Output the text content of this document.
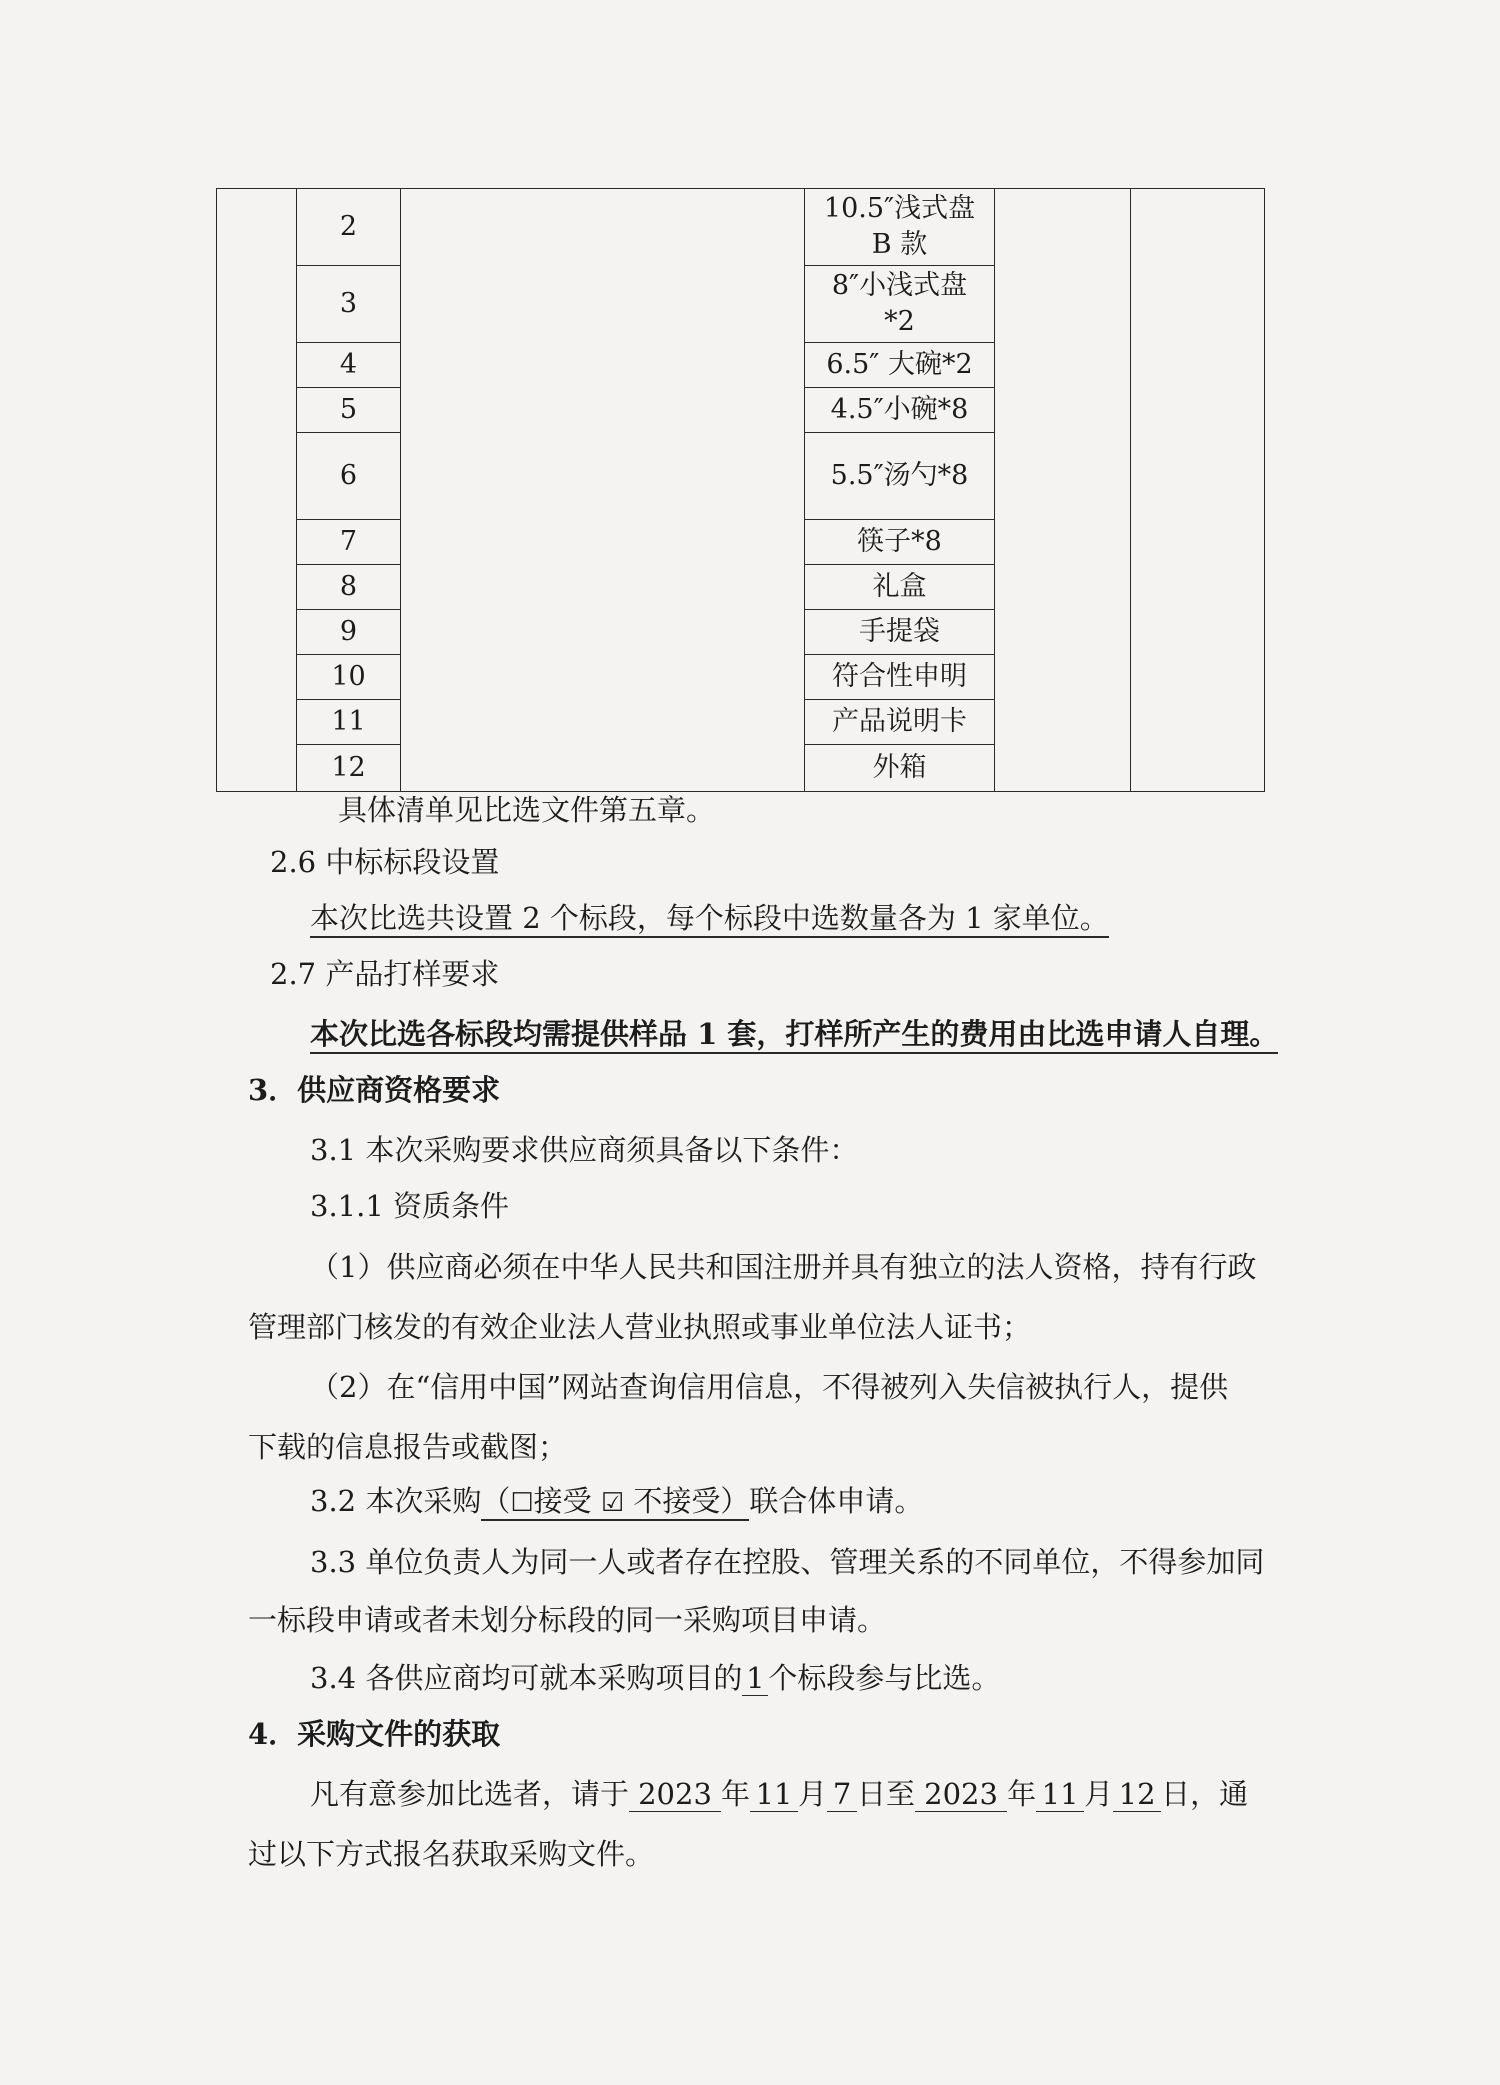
	2		10.5″浅式盘
B 款		
	3		8″小浅式盘
*2		
	4		6.5″ 大碗*2		
	5		4.5″小碗*8		
	6		5.5″汤勺*8		
	7		筷子*8		
	8		礼盒		
	9		手提袋		
	10		符合性申明		
	11		产品说明卡		
	12		外箱		
具体清单见比选文件第五章。
2.6 中标标段设置
本次比选共设置 2 个标段，每个标段中选数量各为 1 家单位。
2.7 产品打样要求
本次比选各标段均需提供样品 1 套，打样所产生的费用由比选申请人自理。
3．供应商资格要求
3.1 本次采购要求供应商须具备以下条件：
3.1.1 资质条件
（1）供应商必须在中华人民共和国注册并具有独立的法人资格，持有行政
管理部门核发的有效企业法人营业执照或事业单位法人证书；
（2）在“信用中国”网站查询信用信息，不得被列入失信被执行人，提供
下载的信息报告或截图；
3.2 本次采购（☐接受 ☑ 不接受）联合体申请。
3.3 单位负责人为同一人或者存在控股、管理关系的不同单位，不得参加同
一标段申请或者未划分标段的同一采购项目申请。
3.4 各供应商均可就本采购项目的 1 个标段参与比选。
4．采购文件的获取
凡有意参加比选者，请于 2023 年 11 月 7 日至 2023 年 11 月 12 日，通
过以下方式报名获取采购文件。
